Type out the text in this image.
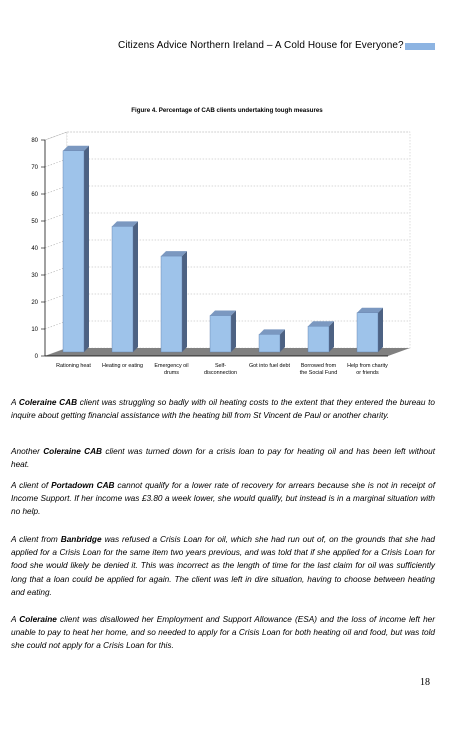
Citizens Advice Northern Ireland – A Cold House for Everyone?
Figure 4. Percentage of CAB clients undertaking tough measures
0
10
20
30
40
50
60
70
80
Rationing heat Heating or eating Emergency oil
drums
Self-
disconnection
Got into fuel debt Borrowed from
the Social Fund
Help from charity
or friends
A Coleraine CAB client was struggling so badly with oil heating costs to the extent that they entered the bureau to inquire about getting financial assistance with the heating bill from St Vincent de Paul or another charity.
Another Coleraine CAB client was turned down for a crisis loan to pay for heating oil and has been left without heat.
A client of Portadown CAB cannot qualify for a lower rate of recovery for arrears because she is not in receipt of Income Support. If her income was £3.80 a week lower, she would qualify, but instead is in a marginal situation with no help.
A client from Banbridge was refused a Crisis Loan for oil, which she had run out of, on the grounds that she had applied for a Crisis Loan for the same item two years previous, and was told that if she applied for a Crisis Loan for food she would likely be denied it. This was incorrect as the length of time for the last claim for oil was sufficiently long that a loan could be applied for again. The client was left in dire situation, having to choose between heating and eating.
A Coleraine client was disallowed her Employment and Support Allowance (ESA) and the loss of income left her unable to pay to heat her home, and so needed to apply for a Crisis Loan for both heating oil and food, but was told she could not apply for a Crisis Loan for this.
18
